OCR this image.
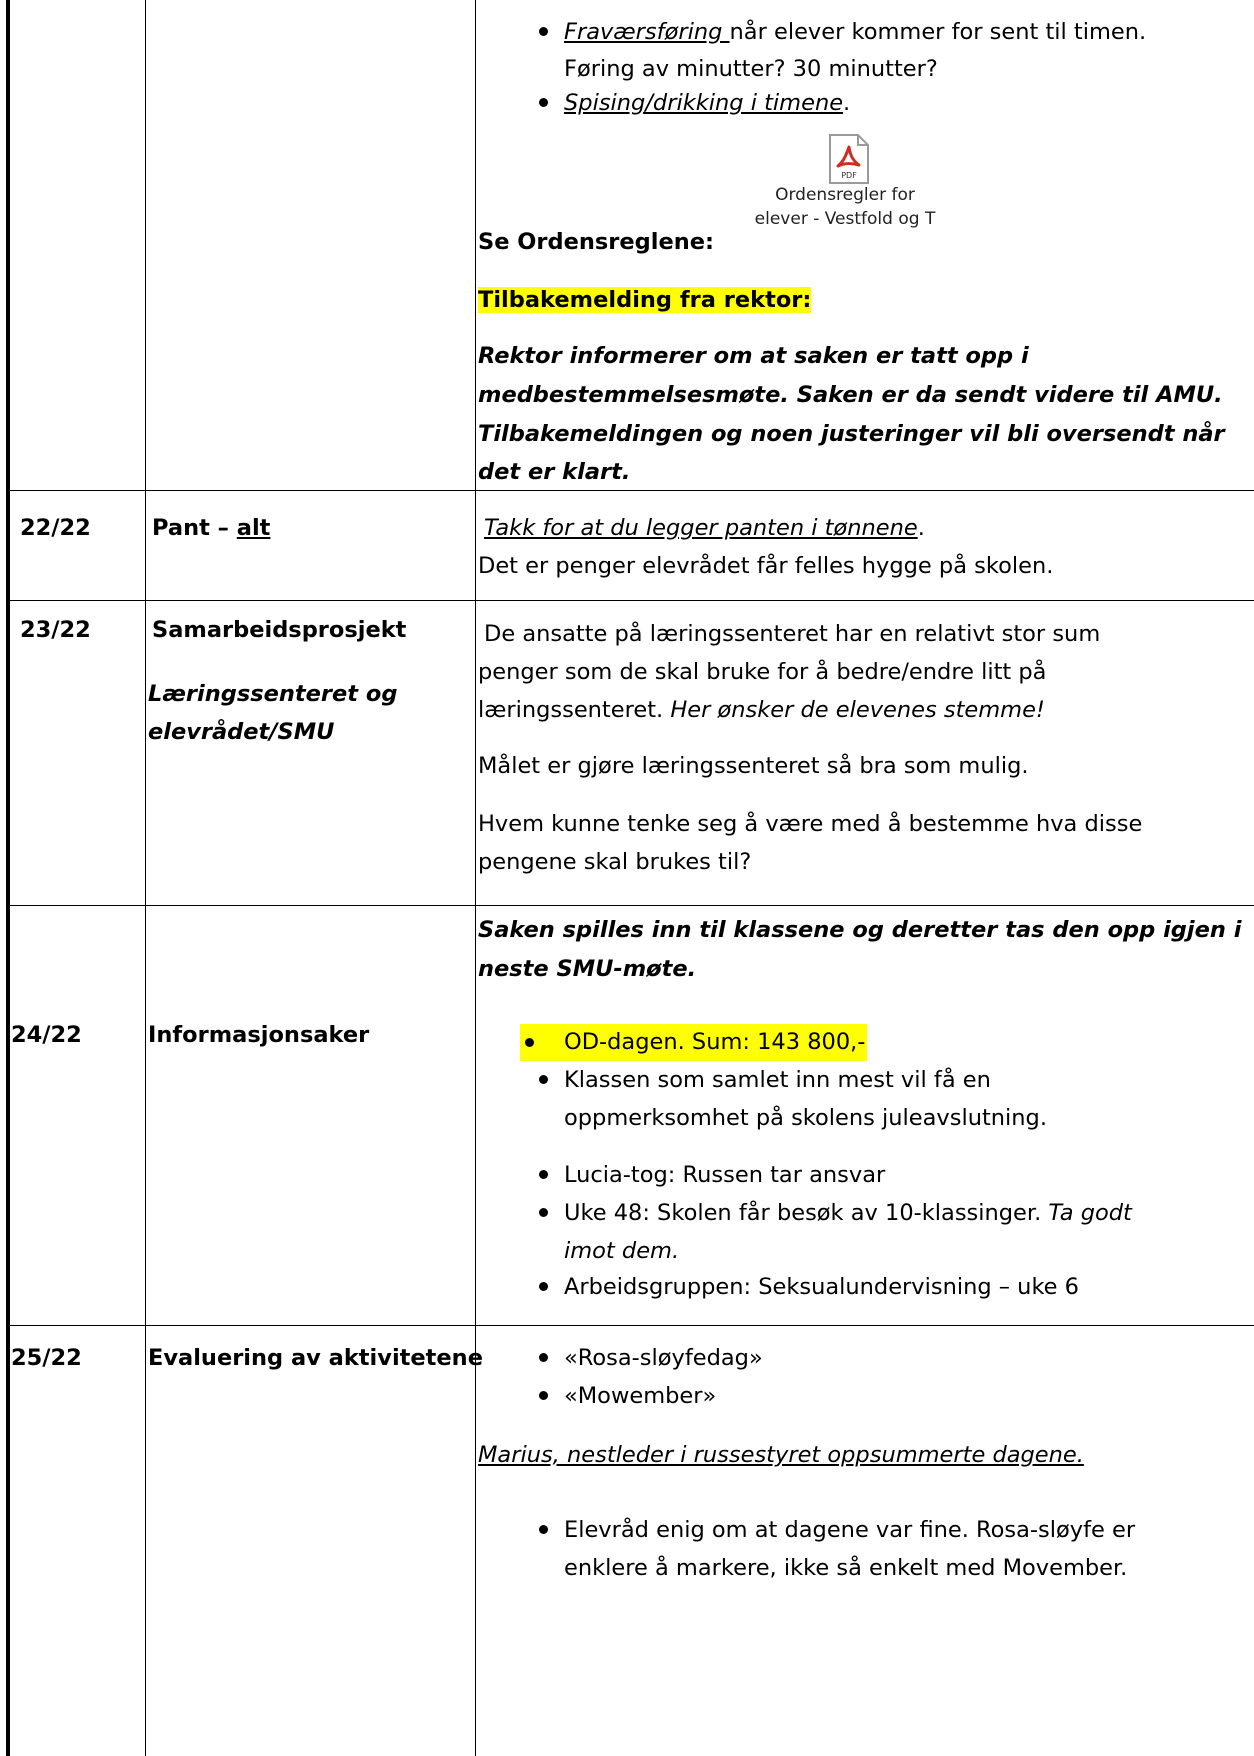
Fraværsføring når elever kommer for sent til timen.
Føring av minutter? 30 minutter?
Spising/drikking i timene.
PDF
Ordensregler for
elever - Vestfold og T
Se Ordensreglene:
Tilbakemelding fra rektor:
Rektor informerer om at saken er tatt opp i
medbestemmelsesmøte. Saken er da sendt videre til AMU.
Tilbakemeldingen og noen justeringer vil bli oversendt når
det er klart.
22/22	Pant – alt	Takk for at du legger panten i tønnene.
Det er penger elevrådet får felles hygge på skolen.
23/22	Samarbeidsprosjekt
Læringssenteret og
elevrådet/SMU
De ansatte på læringssenteret har en relativt stor sum
penger som de skal bruke for å bedre/endre litt på
læringssenteret. Her ønsker de elevenes stemme!
Målet er gjøre læringssenteret så bra som mulig.
Hvem kunne tenke seg å være med å bestemme hva disse
pengene skal brukes til?
Saken spilles inn til klassene og deretter tas den opp igjen i
neste SMU-møte.
24/22	Informasjonsaker	OD-dagen. Sum: 143 800,-
Klassen som samlet inn mest vil få en
oppmerksomhet på skolens juleavslutning.
Lucia-tog: Russen tar ansvar
Uke 48: Skolen får besøk av 10-klassinger. Ta godt
imot dem.
Arbeidsgruppen: Seksualundervisning – uke 6
25/22	Evaluering av aktivitetene	«Rosa-sløyfedag»
«Mowember»
Marius, nestleder i russestyret oppsummerte dagene.
Elevråd enig om at dagene var fine. Rosa-sløyfe er
enklere å markere, ikke så enkelt med Movember.
